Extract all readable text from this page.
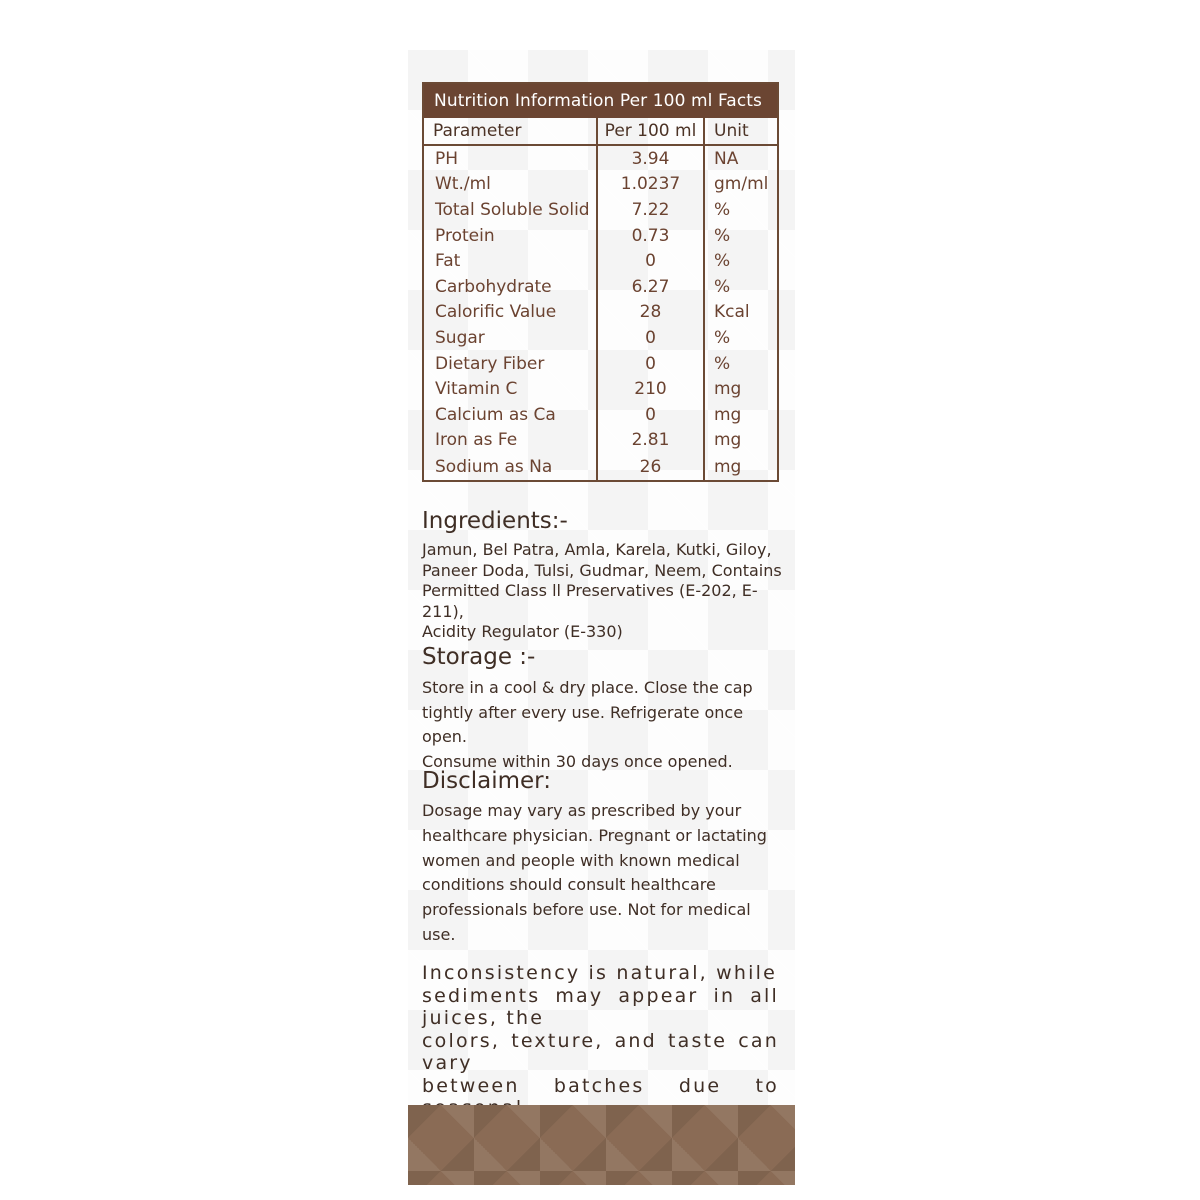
Nutrition Information Per 100 ml Facts
Parameter	Per 100 ml	Unit
PH	3.94	NA
Wt./ml	1.0237	gm/ml
Total Soluble Solid	7.22	%
Protein	0.73	%
Fat	0	%
Carbohydrate	6.27	%
Calorific Value	28	Kcal
Sugar	0	%
Dietary Fiber	0	%
Vitamin C	210	mg
Calcium as Ca	0	mg
Iron as Fe	2.81	mg
Sodium as Na	26	mg
Ingredients:-

Jamun, Bel Patra, Amla, Karela, Kutki, Giloy,
Paneer Doda, Tulsi, Gudmar, Neem, Contains
Permitted Class ll Preservatives (E-202, E-211),
Acidity Regulator (E-330)

Storage :-

Store in a cool & dry place. Close the cap
tightly after every use. Refrigerate once open.
Consume within 30 days once opened.

Disclaimer:

Dosage may vary as prescribed by your
healthcare physician. Pregnant or lactating
women and people with known medical
conditions should consult healthcare
professionals before use. Not for medical
use.

Inconsistency is natural, while
sediments may appear in all juices, the
colors, texture, and taste can vary
between batches due to
